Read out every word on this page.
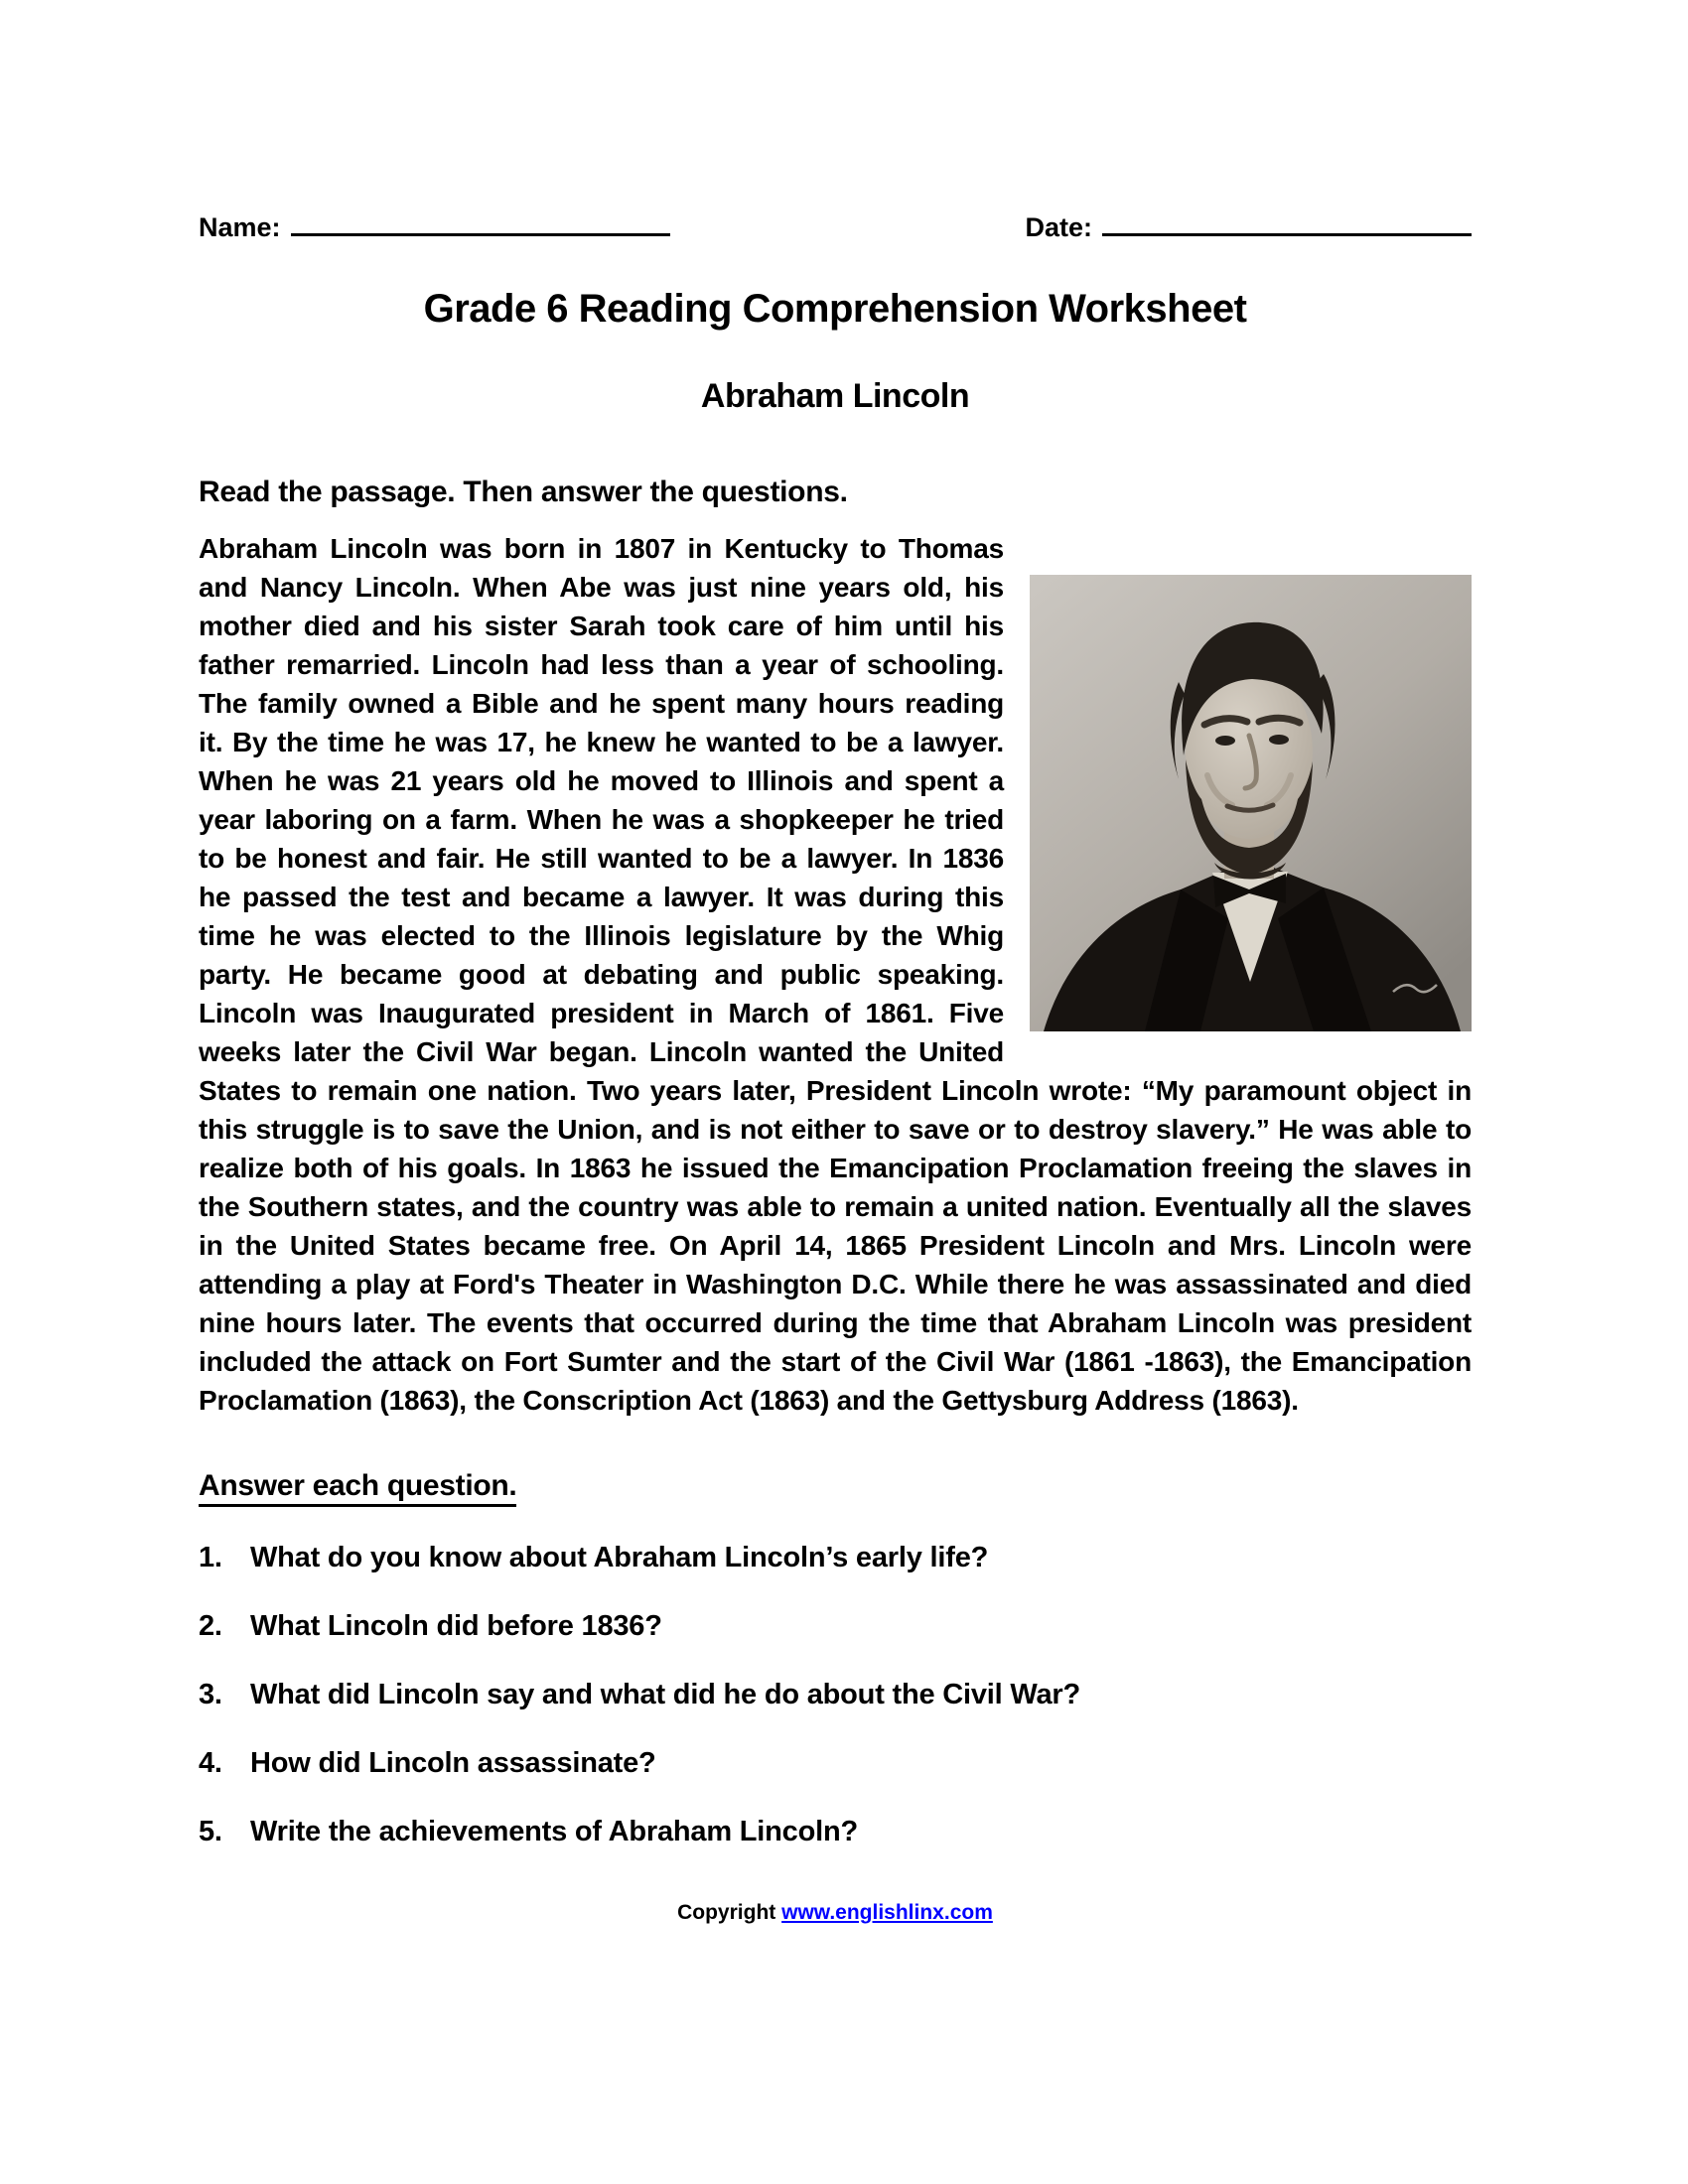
Name:	Date:
Grade 6 Reading Comprehension Worksheet
Abraham Lincoln

Read the passage. Then answer the questions.

Abraham Lincoln was born in 1807 in Kentucky to Thomas and Nancy Lincoln. When Abe was just nine years old, his mother died and his sister Sarah took care of him until his father remarried. Lincoln had less than a year of schooling. The family owned a Bible and he spent many hours reading it. By the time he was 17, he knew he wanted to be a lawyer. When he was 21 years old he moved to Illinois and spent a year laboring on a farm. When he was a shopkeeper he tried to be honest and fair. He still wanted to be a lawyer. In 1836 he passed the test and became a lawyer. It was during this time he was elected to the Illinois legislature by the Whig party. He became good at debating and public speaking. Lincoln was Inaugurated president in March of 1861. Five weeks later the Civil War began. Lincoln wanted the United States to remain one nation. Two years later, President Lincoln wrote: “My paramount object in this struggle is to save the Union, and is not either to save or to destroy slavery.” He was able to realize both of his goals. In 1863 he issued the Emancipation Proclamation freeing the slaves in the Southern states, and the country was able to remain a united nation. Eventually all the slaves in the United States became free. On April 14, 1865 President Lincoln and Mrs. Lincoln were attending a play at Ford's Theater in Washington D.C. While there he was assassinated and died nine hours later. The events that occurred during the time that Abraham Lincoln was president included the attack on Fort Sumter and the start of the Civil War (1861 -1863), the Emancipation Proclamation (1863), the Conscription Act (1863) and the Gettysburg Address (1863).

Answer each question.
1. What do you know about Abraham Lincoln’s early life?
2. What Lincoln did before 1836?
3. What did Lincoln say and what did he do about the Civil War?
4. How did Lincoln assassinate?
5. Write the achievements of Abraham Lincoln?
Copyright www.englishlinx.com
